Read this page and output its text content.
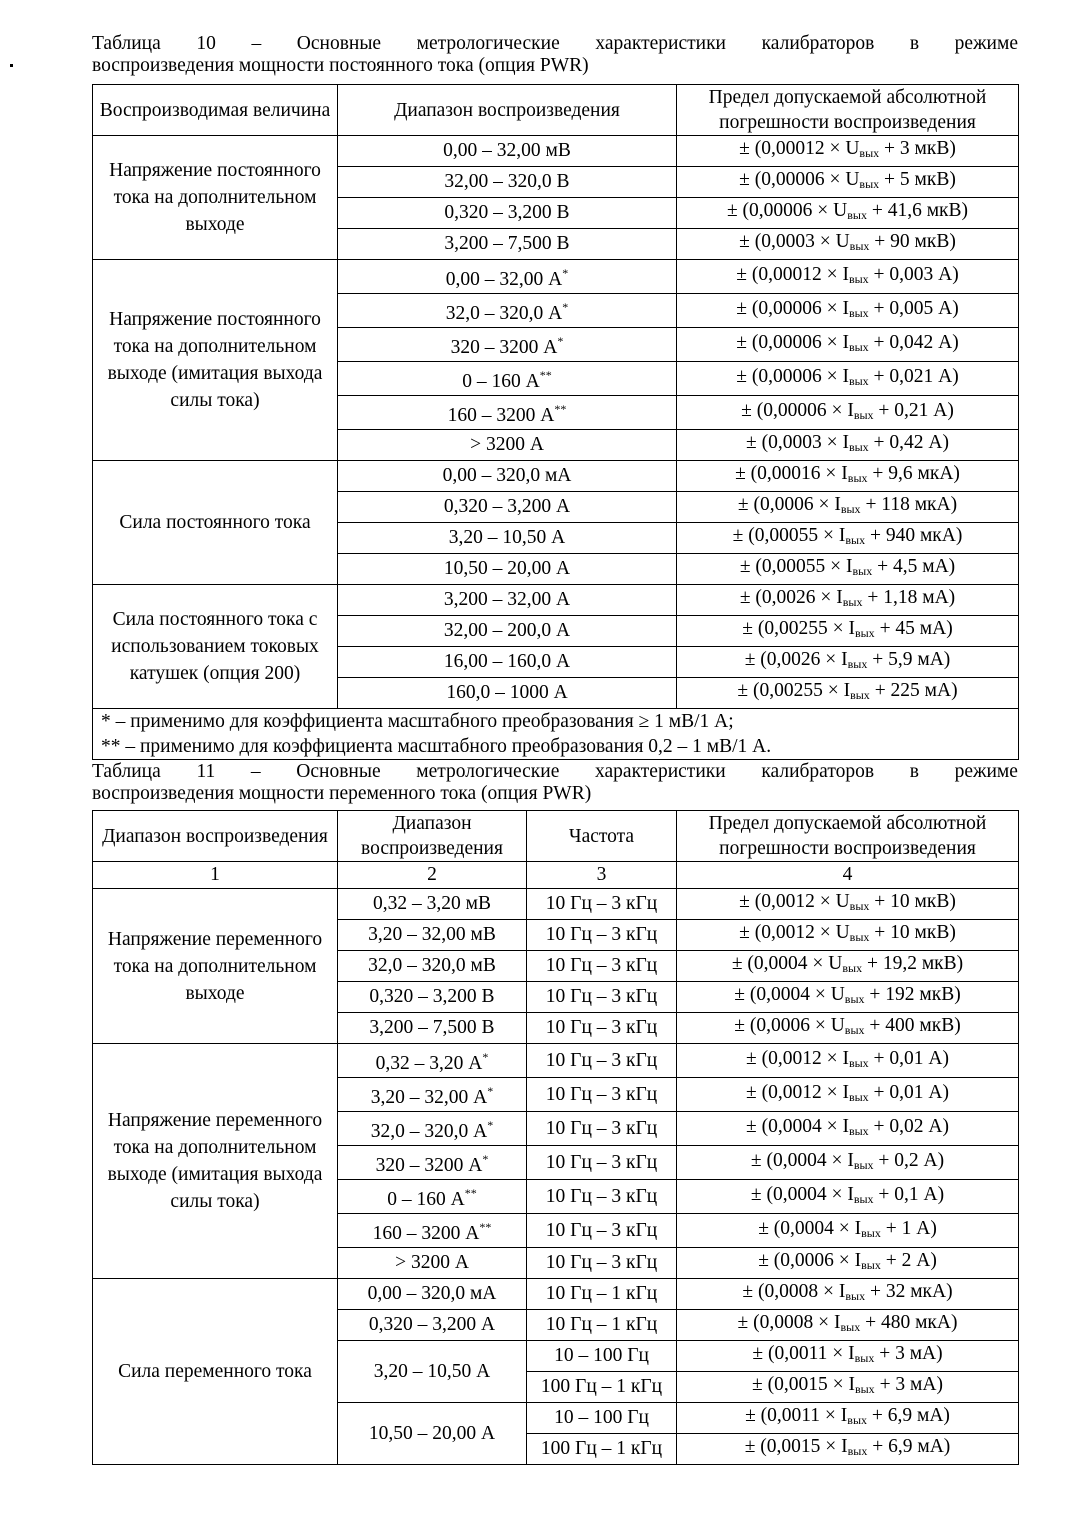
Таблица 10 – Основные метрологические характеристики калибраторов в режиме
воспроизведения мощности постоянного тока (опция PWR)
Воспроизводимая величина	Диапазон воспроизведения	Предел допускаемой абсолютной погрешности воспроизведения
Напряжение постоянного тока на дополнительном выходе	0,00 – 32,00 мВ	± ($0,00012 \times U_{вых} + 3$ мкВ)
	32,00 – 320,0 В	± ($0,00006 \times U_{вых} + 5$ мкВ)
	0,320 – 3,200 В	± ($0,00006 \times U_{вых} + 41,6$ мкВ)
	3,200 – 7,500 В	± ($0,0003 \times U_{вых} + 90$ мкВ)
Напряжение постоянного тока на дополнительном выходе (имитация выхода силы тока)	0,00 – 32,00 А*	± ($0,00012 \times I_{вых} + 0,003$ А)
	32,0 – 320,0 А*	± ($0,00006 \times I_{вых} + 0,005$ А)
	320 – 3200 А*	± ($0,00006 \times I_{вых} + 0,042$ А)
	0 – 160 А**	± ($0,00006 \times I_{вых} + 0,021$ А)
	160 – 3200 А**	± ($0,00006 \times I_{вых} + 0,21$ А)
	> 3200 А	± ($0,0003 \times I_{вых} + 0,42$ А)
Сила постоянного тока	0,00 – 320,0 мА	± ($0,00016 \times I_{вых} + 9,6$ мкА)
	0,320 – 3,200 А	± ($0,0006 \times I_{вых} + 118$ мкА)
	3,20 – 10,50 А	± ($0,00055 \times I_{вых} + 940$ мкА)
	10,50 – 20,00 А	± ($0,00055 \times I_{вых} + 4,5$ мА)
Сила постоянного тока с использованием токовых катушек (опция 200)	3,200 – 32,00 А	± ($0,0026 \times I_{вых} + 1,18$ мА)
	32,00 – 200,0 А	± ($0,00255 \times I_{вых} + 45$ мА)
	16,00 – 160,0 А	± ($0,0026 \times I_{вых} + 5,9$ мА)
	160,0 – 1000 А	± ($0,00255 \times I_{вых} + 225$ мА)

* – применимо для коэффициента масштабного преобразования ≥ 1 мВ/1 А;
** – применимо для коэффициента масштабного преобразования 0,2 – 1 мВ/1 А.		
Таблица 11 – Основные метрологические характеристики калибраторов в режиме
воспроизведения мощности переменного тока (опция PWR)
Диапазон воспроизведения	Диапазон воспроизведения	Частота	Предел допускаемой абсолютной погрешности воспроизведения
1	2	3	4
Напряжение переменного тока на дополнительном выходе	0,32 – 3,20 мВ	10 Гц – 3 кГц	± ($0,0012 \times U_{вых} + 10$ мкВ)
	3,20 – 32,00 мВ	10 Гц – 3 кГц	± ($0,0012 \times U_{вых} + 10$ мкВ)
	32,0 – 320,0 мВ	10 Гц – 3 кГц	± ($0,0004 \times U_{вых} + 19,2$ мкВ)
	0,320 – 3,200 В	10 Гц – 3 кГц	± ($0,0004 \times U_{вых} + 192$ мкВ)
	3,200 – 7,500 В	10 Гц – 3 кГц	± ($0,0006 \times U_{вых} + 400$ мкВ)
Напряжение переменного тока на дополнительном выходе (имитация выхода силы тока)	0,32 – 3,20 А*	10 Гц – 3 кГц	± ($0,0012 \times I_{вых} + 0,01$ А)
	3,20 – 32,00 А*	10 Гц – 3 кГц	± ($0,0012 \times I_{вых} + 0,01$ А)
	32,0 – 320,0 А*	10 Гц – 3 кГц	± ($0,0004 \times I_{вых} + 0,02$ А)
	320 – 3200 А*	10 Гц – 3 кГц	± ($0,0004 \times I_{вых} + 0,2$ А)
	0 – 160 А**	10 Гц – 3 кГц	± ($0,0004 \times I_{вых} + 0,1$ А)
	160 – 3200 А**	10 Гц – 3 кГц	± ($0,0004 \times I_{вых} + 1$ А)
	> 3200 А	10 Гц – 3 кГц	± ($0,0006 \times I_{вых} + 2$ А)
Сила переменного тока	0,00 – 320,0 мА	10 Гц – 1 кГц	± ($0,0008 \times I_{вых} + 32$ мкА)
	0,320 – 3,200 А	10 Гц – 1 кГц	± ($0,0008 \times I_{вых} + 480$ мкА)
	3,20 – 10,50 А	10 – 100 Гц	± ($0,0011 \times I_{вых} + 3$ мА)
		100 Гц – 1 кГц	± ($0,0015 \times I_{вых} + 3$ мА)
	10,50 – 20,00 А	10 – 100 Гц	± ($0,0011 \times I_{вых} + 6,9$ мА)
		100 Гц – 1 кГц	± ($0,0015 \times I_{вых} + 6,9$ мА)
